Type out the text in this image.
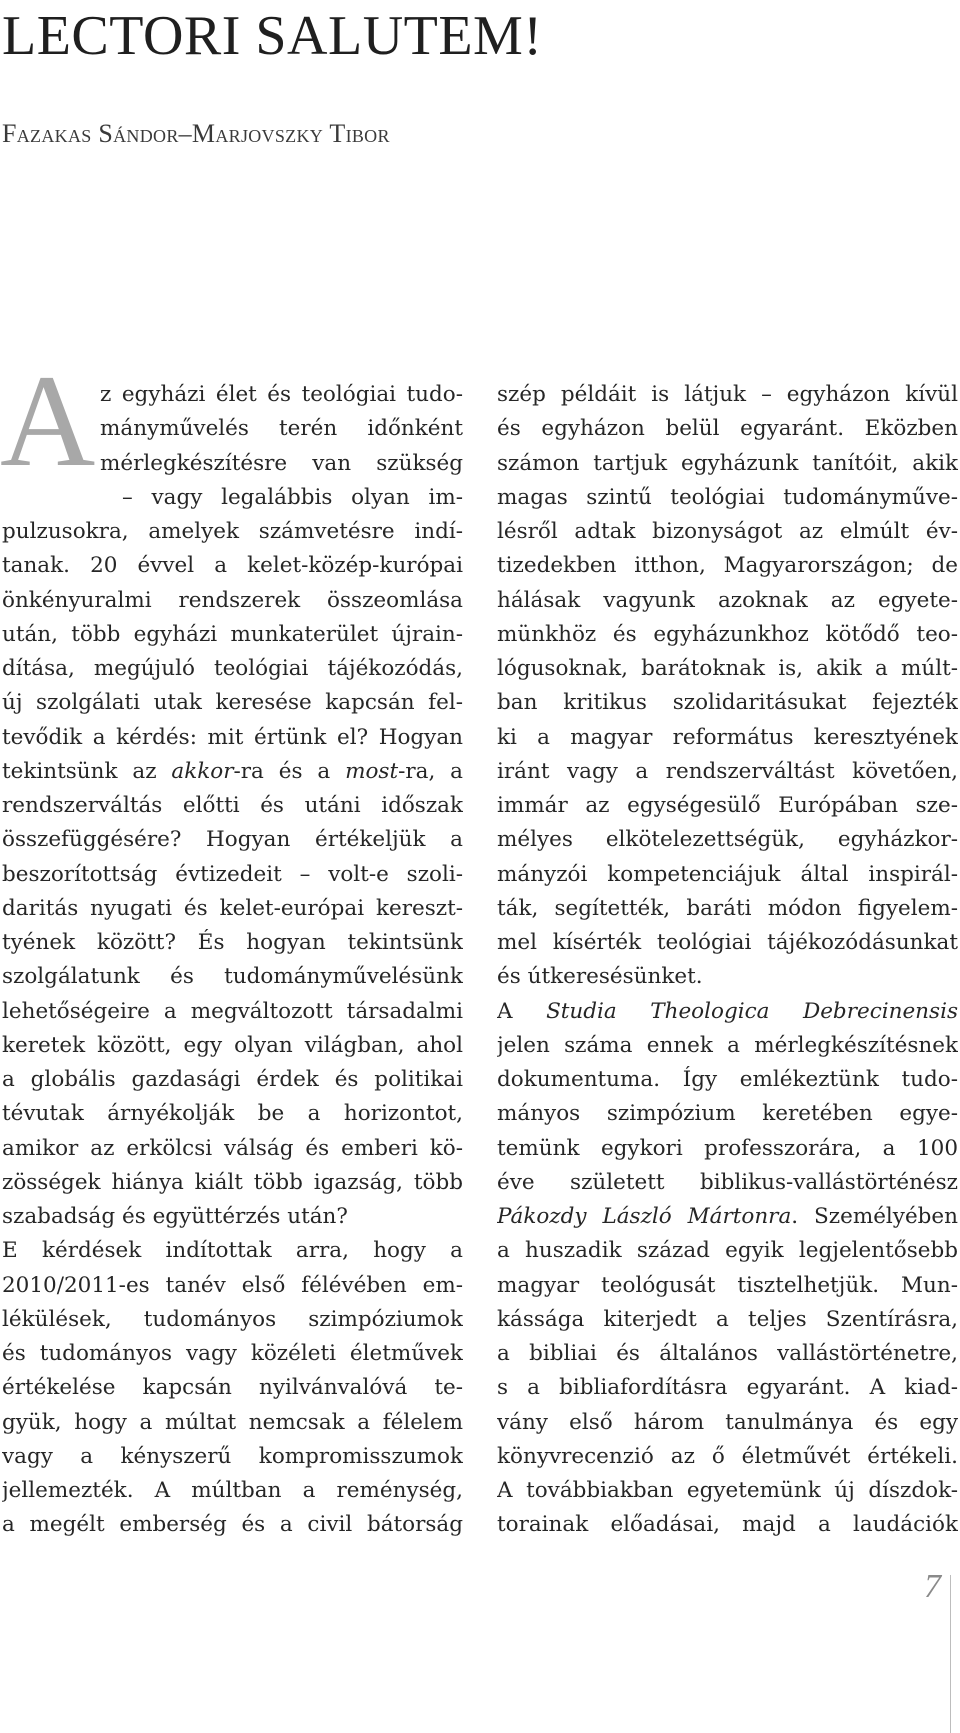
LECTORI SALUTEM!
Fazakas Sándor–Marjovszky Tibor
A z egyházi élet és teológiai tudo-
mányművelés terén időnként
mérlegkészítésre van szükség
– vagy legalábbis olyan im-
pulzusokra, amelyek számvetésre indí-
tanak. 20 évvel a kelet-közép-kurópai
önkényuralmi rendszerek összeomlása
után, több egyházi munkaterület újrain-
dítása, megújuló teológiai tájékozódás,
új szolgálati utak keresése kapcsán fel-
tevődik a kérdés: mit értünk el? Hogyan
tekintsünk az akkor-ra és a most-ra, a
rendszerváltás előtti és utáni időszak
összefüggésére? Hogyan értékeljük a
beszorítottság évtizedeit – volt-e szoli-
daritás nyugati és kelet-európai kereszt-
tyének között? És hogyan tekintsünk
szolgálatunk és tudományművelésünk
lehetőségeire a megváltozott társadalmi
keretek között, egy olyan világban, ahol
a globális gazdasági érdek és politikai
tévutak árnyékolják be a horizontot,
amikor az erkölcsi válság és emberi kö-
zösségek hiánya kiált több igazság, több
szabadság és együttérzés után?
E kérdések indítottak arra, hogy a
2010/2011-es tanév első félévében em-
lékülések, tudományos szimpóziumok
és tudományos vagy közéleti életművek
értékelése kapcsán nyilvánvalóvá te-
gyük, hogy a múltat nemcsak a félelem
vagy a kényszerű kompromisszumok
jellemezték. A múltban a reménység,
a megélt emberség és a civil bátorság
szép példáit is látjuk – egyházon kívül
és egyházon belül egyaránt. Eközben
számon tartjuk egyházunk tanítóit, akik
magas szintű teológiai tudományműve-
lésről adtak bizonyságot az elmúlt év-
tizedekben itthon, Magyarországon; de
hálásak vagyunk azoknak az egyete-
münkhöz és egyházunkhoz kötődő teo-
lógusoknak, barátoknak is, akik a múlt-
ban kritikus szolidaritásukat fejezték
ki a magyar református keresztyének
iránt vagy a rendszerváltást követően,
immár az egységesülő Európában sze-
mélyes elkötelezettségük, egyházkor-
mányzói kompetenciájuk által inspirál-
ták, segítették, baráti módon figyelem-
mel kísérték teológiai tájékozódásunkat
és útkeresésünket.
A Studia Theologica Debrecinensis
jelen száma ennek a mérlegkészítésnek
dokumentuma. Így emlékeztünk tudo-
mányos szimpózium keretében egye-
temünk egykori professzorára, a 100
éve született biblikus-vallástörténész
Pákozdy László Mártonra. Személyében
a huszadik század egyik legjelentősebb
magyar teológusát tisztelhetjük. Mun-
kássága kiterjedt a teljes Szentírásra,
a bibliai és általános vallástörténetre,
s a bibliafordításra egyaránt. A kiad-
vány első három tanulmánya és egy
könyvrecenzió az ő életművét értékeli.
A továbbiakban egyetemünk új díszdok-
torainak előadásai, majd a laudációk
7
